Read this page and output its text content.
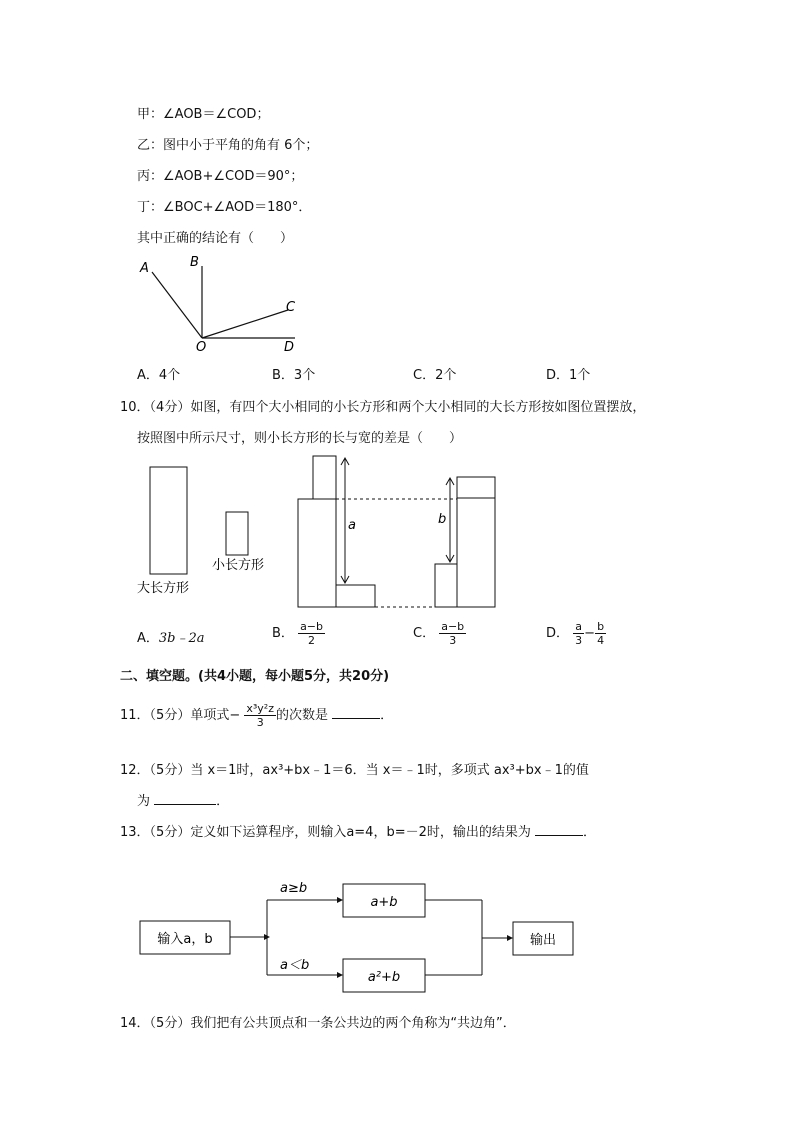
甲：∠AOB＝∠COD；
乙：图中小于平角的角有 6个；
丙：∠AOB+∠COD＝90°；
丁：∠BOC+∠AOD＝180°．
其中正确的结论有（　　）
A	B
C
O	D
A．4个	B．3个	C．2个	D．1个
10．（4分）如图，有四个大小相同的小长方形和两个大小相同的大长方形按如图位置摆放，
按照图中所示尺寸，则小长方形的长与宽的差是（　　）
大长方形
小长方形
a	b
A．3b﹣2a	B． $\frac{a-b}{2}$	C． $\frac{a-b}{3}$	D． $\frac{a}{3} - \frac{b}{4}$
二、填空题。(共4小题，每小题5分，共20分)
11．（5分）单项式− $\frac{\text{x³y²z}}{3}$ 的次数是	．
12．（5分）当 x＝1时，ax³+bx﹣1＝6．当 x＝﹣1时，多项式 ax³+bx﹣1的值
为	．
13．（5分）定义如下运算程序，则输入a=4，b=－2时，输出的结果为	．
输入a，b
a≥b
a＜b
a+b
a²+b
输出
14．（5分）我们把有公共顶点和一条公共边的两个角称为“共边角”．
